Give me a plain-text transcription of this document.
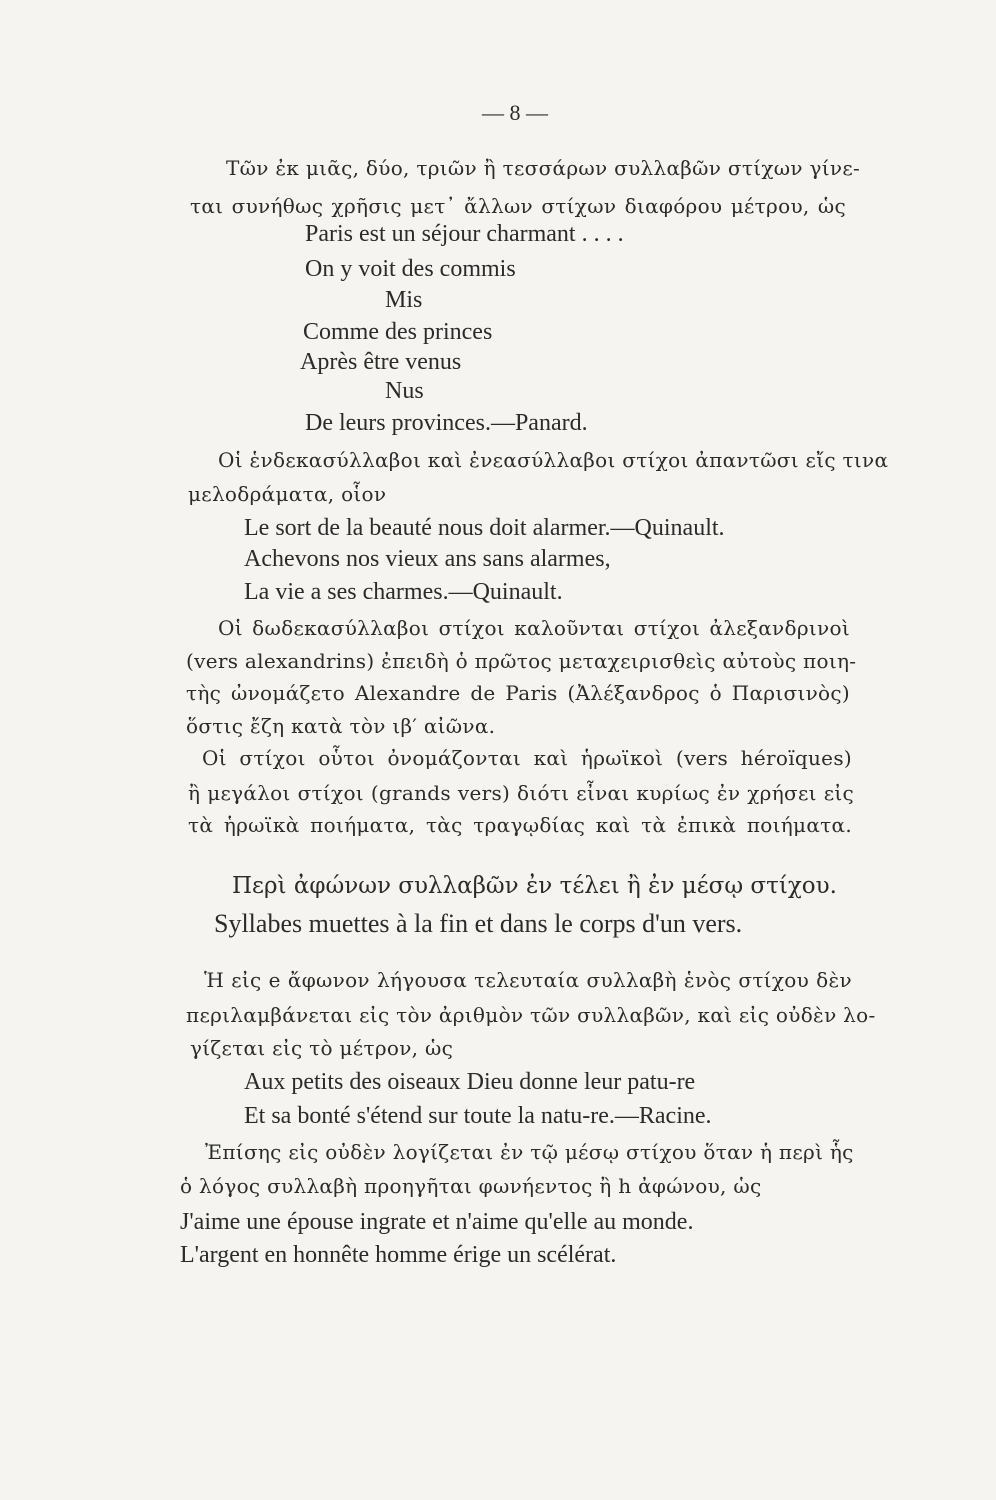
— 8 —

Τῶν ἐκ μιᾶς, δύο, τριῶν ἢ τεσσάρων συλλαβῶν στίχων γίνε-

ται συνήθως χρῆσις μετ᾽ ἄλλων στίχων διαφόρου μέτρου, ὡς

Paris est un séjour charmant . . . .

On y voit des commis

Mis

Comme des princes

Après être venus

Nus

De leurs provinces.—Panard.

Οἱ ἑνδεκασύλλαβοι καὶ ἐνεασύλλαβοι στίχοι ἀπαντῶσι εἴς τινα

μελοδράματα, οἷον

Le sort de la beauté nous doit alarmer.—Quinault.

Achevons nos vieux ans sans alarmes,

La vie a ses charmes.—Quinault.

Οἱ δωδεκασύλλαβοι στίχοι καλοῦνται στίχοι ἀλεξανδρινοὶ

(vers alexandrins) ἐπειδὴ ὁ πρῶτος μεταχειρισθεὶς αὐτοὺς ποιη-

τὴς ὠνομάζετο Alexandre de Paris (Ἀλέξανδρος ὁ Παρισινὸς)

ὅστις ἔζη κατὰ τὸν ιβ′ αἰῶνα.

Οἱ στίχοι οὗτοι ὀνομάζονται καὶ ἡρωϊκοὶ (vers héroïques)

ἢ μεγάλοι στίχοι (grands vers) διότι εἶναι κυρίως ἐν χρήσει εἰς

τὰ ἡρωϊκὰ ποιήματα, τὰς τραγῳδίας καὶ τὰ ἐπικὰ ποιήματα.

Περὶ ἀφώνων συλλαβῶν ἐν τέλει ἢ ἐν μέσῳ στίχου.

Syllabes muettes à la fin et dans le corps d'un vers.

Ἡ εἰς e ἄφωνον λήγουσα τελευταία συλλαβὴ ἑνὸς στίχου δὲν

περιλαμβάνεται εἰς τὸν ἀριθμὸν τῶν συλλαβῶν, καὶ εἰς οὐδὲν λο-

γίζεται εἰς τὸ μέτρον, ὡς

Aux petits des oiseaux Dieu donne leur patu-re

Et sa bonté s'étend sur toute la natu-re.—Racine.

Ἐπίσης εἰς οὐδὲν λογίζεται ἐν τῷ μέσῳ στίχου ὅταν ἡ περὶ ἧς

ὁ λόγος συλλαβὴ προηγῆται φωνήεντος ἢ h ἀφώνου, ὡς

J'aime une épouse ingrate et n'aime qu'elle au monde.

L'argent en honnête homme érige un scélérat.
